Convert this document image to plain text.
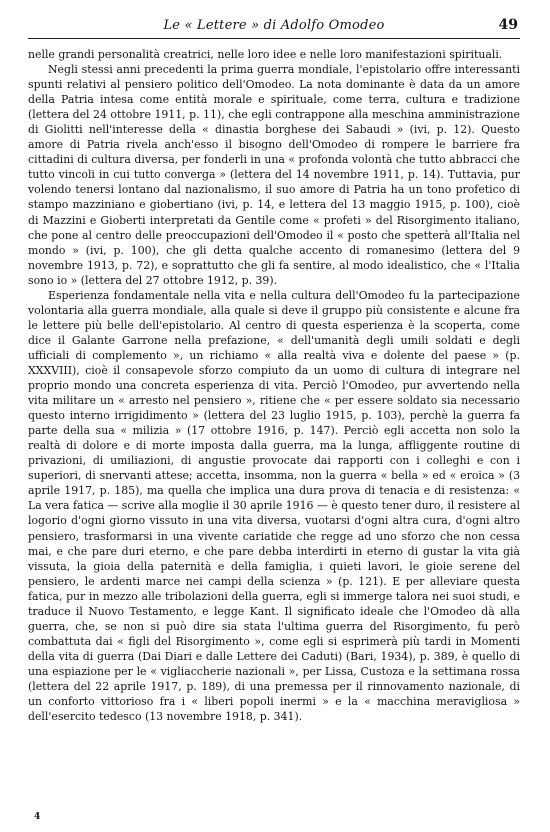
Le « Lettere » di Adolfo Omodeo	49

nelle grandi personalità creatrici, nelle loro idee e nelle loro manifestazioni spirituali.

Negli stessi anni precedenti la prima guerra mondiale, l'epistolario offre interessanti spunti relativi al pensiero politico dell'Omodeo. La nota dominante è data da un amore della Patria intesa come entità morale e spirituale, come terra, cultura e tradizione (lettera del 24 ottobre 1911, p. 11), che egli contrappone alla meschina amministrazione di Giolitti nell'interesse della « dinastia borghese dei Sabaudi » (ivi, p. 12). Questo amore di Patria rivela anch'esso il bisogno dell'Omodeo di rompere le barriere fra cittadini di cultura diversa, per fonderli in una « profonda volontà che tutto abbracci che tutto vincoli in cui tutto converga » (lettera del 14 novembre 1911, p. 14). Tuttavia, pur volendo tenersi lontano dal nazionalismo, il suo amore di Patria ha un tono profetico di stampo mazziniano e giobertiano (ivi, p. 14, e lettera del 13 maggio 1915, p. 100), cioè di Mazzini e Gioberti interpretati da Gentile come « profeti » del Risorgimento italiano, che pone al centro delle preoccupazioni dell'Omodeo il « posto che spetterà all'Italia nel mondo » (ivi, p. 100), che gli detta qualche accento di romanesimo (lettera del 9 novembre 1913, p. 72), e soprattutto che gli fa sentire, al modo idealistico, che « l'Italia sono io » (lettera del 27 ottobre 1912, p. 39).

Esperienza fondamentale nella vita e nella cultura dell'Omodeo fu la partecipazione volontaria alla guerra mondiale, alla quale si deve il gruppo più consistente e alcune fra le lettere più belle dell'epistolario. Al centro di questa esperienza è la scoperta, come dice il Galante Garrone nella prefazione, « dell'umanità degli umili soldati e degli ufficiali di complemento », un richiamo « alla realtà viva e dolente del paese » (p. XXXVIII), cioè il consapevole sforzo compiuto da un uomo di cultura di integrare nel proprio mondo una concreta esperienza di vita. Perciò l'Omodeo, pur avvertendo nella vita militare un « arresto nel pensiero », ritiene che « per essere soldato sia necessario questo interno irrigidimento » (lettera del 23 luglio 1915, p. 103), perchè la guerra fa parte della sua « milizia » (17 ottobre 1916, p. 147). Perciò egli accetta non solo la realtà di dolore e di morte imposta dalla guerra, ma la lunga, affliggente routine di privazioni, di umiliazioni, di angustie provocate dai rapporti con i colleghi e con i superiori, di snervanti attese; accetta, insomma, non la guerra « bella » ed « eroica » (3 aprile 1917, p. 185), ma quella che implica una dura prova di tenacia e di resistenza: « La vera fatica — scrive alla moglie il 30 aprile 1916 — è questo tener duro, il resistere al logorio d'ogni giorno vissuto in una vita diversa, vuotarsi d'ogni altra cura, d'ogni altro pensiero, trasformarsi in una vivente cariatide che regge ad uno sforzo che non cessa mai, e che pare duri eterno, e che pare debba interdirti in eterno di gustar la vita già vissuta, la gioia della paternità e della famiglia, i quieti lavori, le gioie serene del pensiero, le ardenti marce nei campi della scienza » (p. 121). E per alleviare questa fatica, pur in mezzo alle tribolazioni della guerra, egli si immerge talora nei suoi studi, e traduce il Nuovo Testamento, e legge Kant. Il significato ideale che l'Omodeo dà alla guerra, che, se non si può dire sia stata l'ultima guerra del Risorgimento, fu però combattuta dai « figli del Risorgimento », come egli si esprimerà più tardi in Momenti della vita di guerra (Dai Diari e dalle Lettere dei Caduti) (Bari, 1934), p. 389, è quello di una espiazione per le « vigliaccherie nazionali », per Lissa, Custoza e la settimana rossa (lettera del 22 aprile 1917, p. 189), di una premessa per il rinnovamento nazionale, di un conforto vittorioso fra i « liberi popoli inermi » e la « macchina meravigliosa » dell'esercito tedesco (13 novembre 1918, p. 341).

4
